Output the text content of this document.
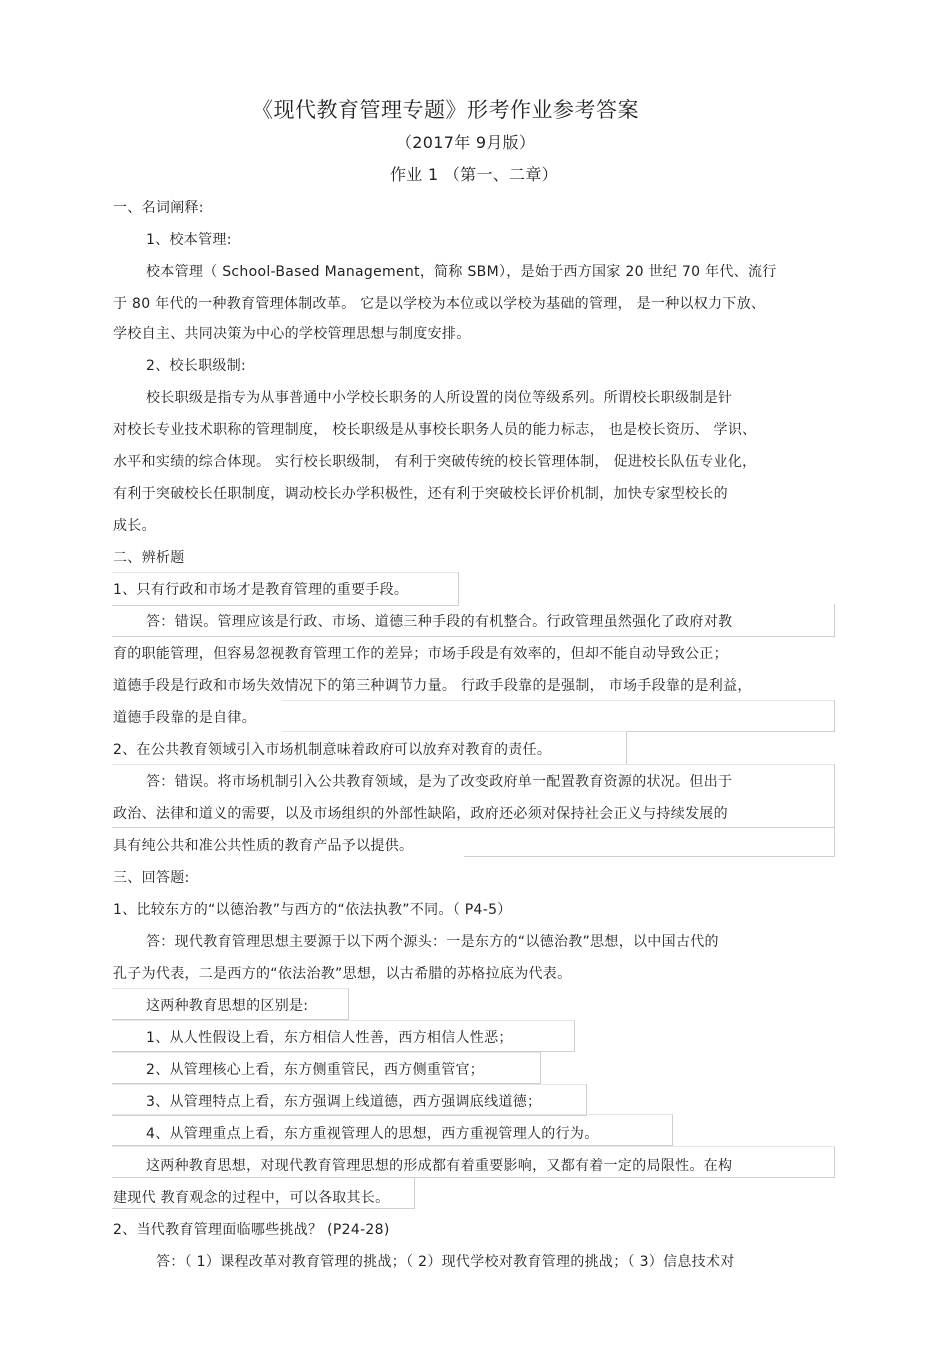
《现代教育管理专题》形考作业参考答案
（2017年 9月版）
作业 1 （第一、二章）
一、名词阐释:
1、校本管理:
校本管理（ School-Based Management，简称 SBM），是始于西方国家 20 世纪 70 年代、流行
于 80 年代的一种教育管理体制改革。 它是以学校为本位或以学校为基础的管理， 是一种以权力下放、
学校自主、共同决策为中心的学校管理思想与制度安排。
2、校长职级制:
校长职级是指专为从事普通中小学校长职务的人所设置的岗位等级系列。所谓校长职级制是针
对校长专业技术职称的管理制度， 校长职级是从事校长职务人员的能力标志， 也是校长资历、 学识、
水平和实绩的综合体现。 实行校长职级制， 有利于突破传统的校长管理体制， 促进校长队伍专业化，
有利于突破校长任职制度，调动校长办学积极性，还有利于突破校长评价机制，加快专家型校长的
成长。
二、辨析题
1、只有行政和市场才是教育管理的重要手段。
答：错误。管理应该是行政、市场、道德三种手段的有机整合。行政管理虽然强化了政府对教
育的职能管理，但容易忽视教育管理工作的差异；市场手段是有效率的，但却不能自动导致公正；
道德手段是行政和市场失效情况下的第三种调节力量。 行政手段靠的是强制， 市场手段靠的是利益，
道德手段靠的是自律。
2、在公共教育领域引入市场机制意味着政府可以放弃对教育的责任。
答：错误。将市场机制引入公共教育领域，是为了改变政府单一配置教育资源的状况。但出于
政治、法律和道义的需要，以及市场组织的外部性缺陷，政府还必须对保持社会正义与持续发展的
具有纯公共和准公共性质的教育产品予以提供。
三、回答题:
1、比较东方的“以德治教”与西方的“依法执教”不同。（ P4-5）
答：现代教育管理思想主要源于以下两个源头：一是东方的“以德治教”思想，以中国古代的
孔子为代表，二是西方的“依法治教”思想，以古希腊的苏格拉底为代表。
这两种教育思想的区别是:
1、从人性假设上看，东方相信人性善，西方相信人性恶；
2、从管理核心上看，东方侧重管民，西方侧重管官；
3、从管理特点上看，东方强调上线道德，西方强调底线道德；
4、从管理重点上看，东方重视管理人的思想，西方重视管理人的行为。
这两种教育思想，对现代教育管理思想的形成都有着重要影响，又都有着一定的局限性。在构
建现代 教育观念的过程中，可以各取其长。
2、当代教育管理面临哪些挑战？ (P24-28)
答：（ 1）课程改革对教育管理的挑战；（ 2）现代学校对教育管理的挑战；（ 3）信息技术对
